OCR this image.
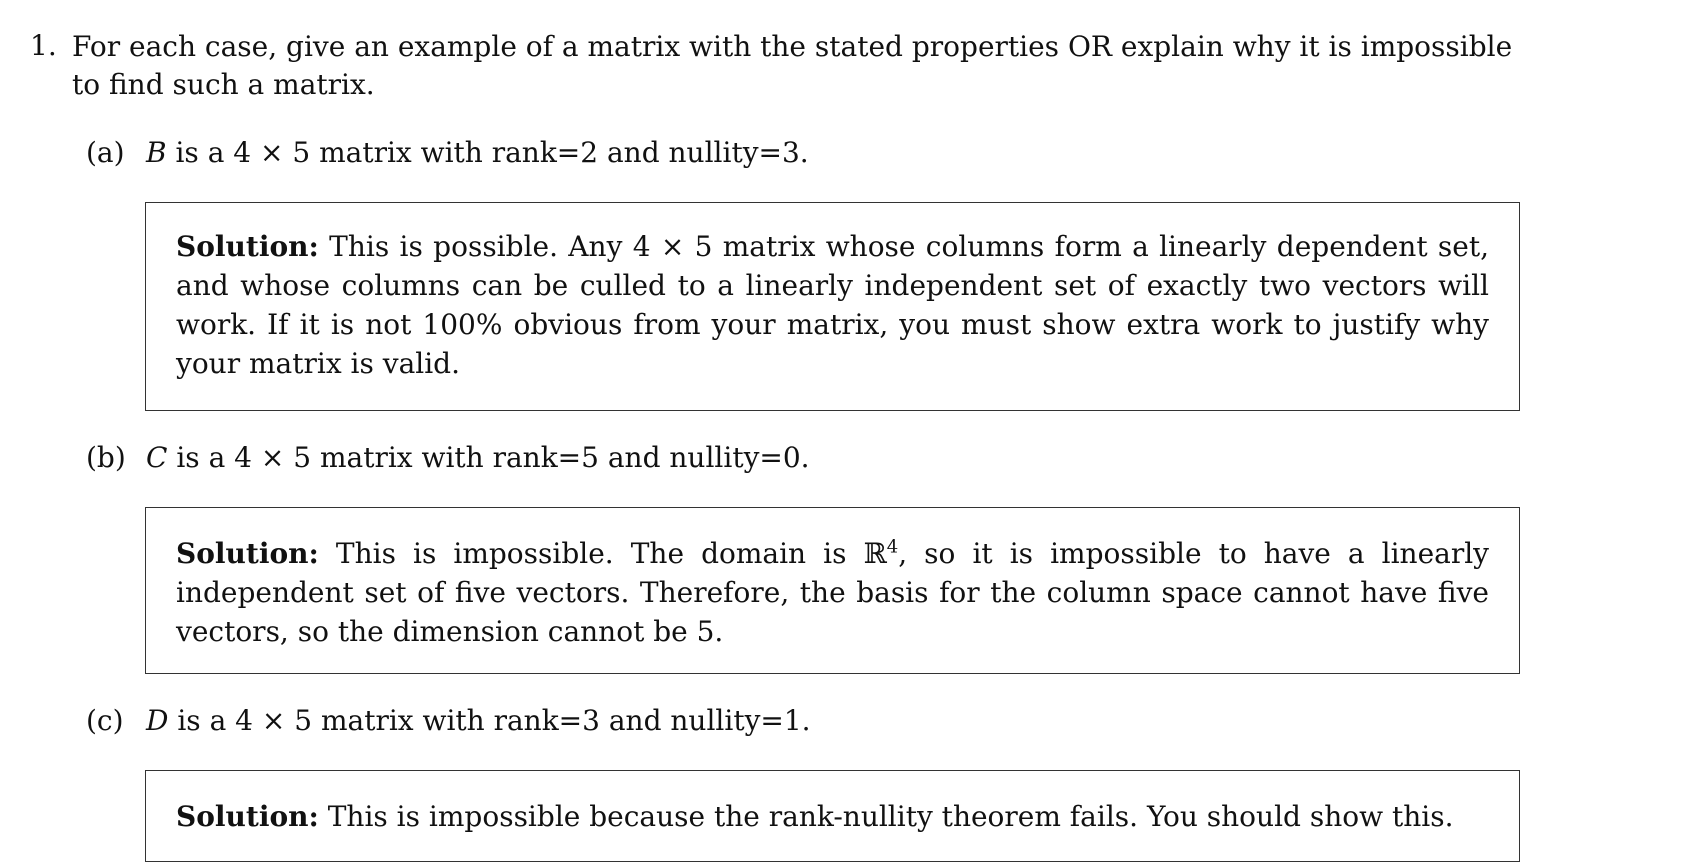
1. For each case, give an example of a matrix with the stated properties OR explain why it is impossible to find such a matrix.
(a) B is a 4 × 5 matrix with rank=2 and nullity=3.
Solution: This is possible. Any 4 × 5 matrix whose columns form a linearly dependent set, and whose columns can be culled to a linearly independent set of exactly two vectors will work. If it is not 100% obvious from your matrix, you must show extra work to justify why your matrix is valid.
(b) C is a 4 × 5 matrix with rank=5 and nullity=0.
Solution: This is impossible. The domain is ℝ$^4$, so it is impossible to have a linearly independent set of five vectors. Therefore, the basis for the column space cannot have five vectors, so the dimension cannot be 5.
(c) D is a 4 × 5 matrix with rank=3 and nullity=1.
Solution: This is impossible because the rank-nullity theorem fails. You should show this.
